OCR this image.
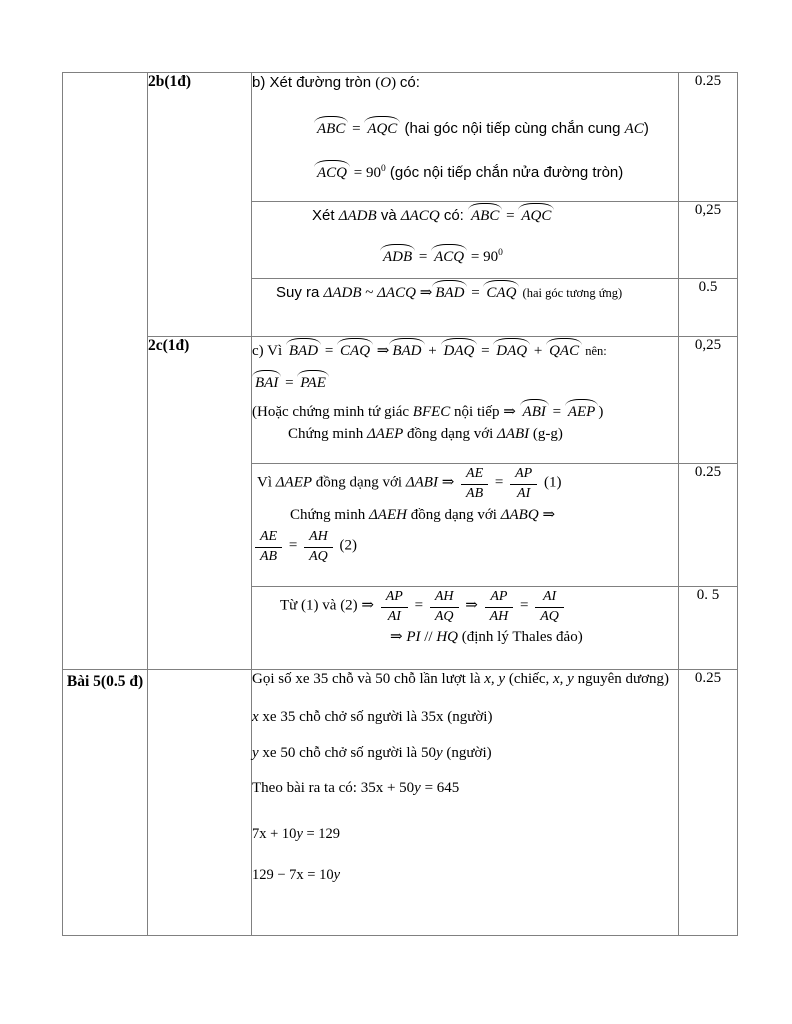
	2b(1đ)	b) Xét đường tròn (O) có:
ABC = AQC (hai góc nội tiếp cùng chắn cung AC)
ACQ = $90^0$ (góc nội tiếp chắn nửa đường tròn)	0.25

		Xét ΔADB và ΔACQ có: ABC = AQC
ADB = ACQ = $90^0$	0,25

		Suy ra ΔADB ~ ΔACQ ⇒ BAD = CAQ (hai góc tương ứng)	0.5
	2c(1đ)	c) Vì BAD = CAQ ⇒ BAD + DAQ = DAQ + QAC nên:
BAI = PAE
(Hoặc chứng minh tứ giác BFEC nội tiếp ⇒ ABI = AEP )
Chứng minh ΔAEP đồng dạng với ΔABI (g-g)	0,25

Vì ΔAEP đồng dạng với ΔABI ⇒ $\frac{AE}{AB} = \frac{AP}{AI} (1)$
Chứng minh ΔAEH đồng dạng với ΔABQ ⇒
$\frac{AE}{AB} = \frac{AH}{AQ} (2)$
	0.25

Từ (1) và (2) ⇒ $\frac{AP}{AI} = \frac{AH}{AQ}$ ⇒ $\frac{AP}{AH} = \frac{AI}{AQ}$
⇒ PI // HQ (định lý Thales đảo)
	0. 5
Bài 5(0.5 đ)		Gọi số xe 35 chỗ và 50 chỗ lần lượt là x, y (chiếc, x, y nguyên dương)
x xe 35 chỗ chở số người là 35x (người)
y xe 50 chỗ chở số người là 50y (người)
Theo bài ra ta có: 35x + 50y = 645
7x + 10y = 129
129 − 7x = 10y
	0.25
